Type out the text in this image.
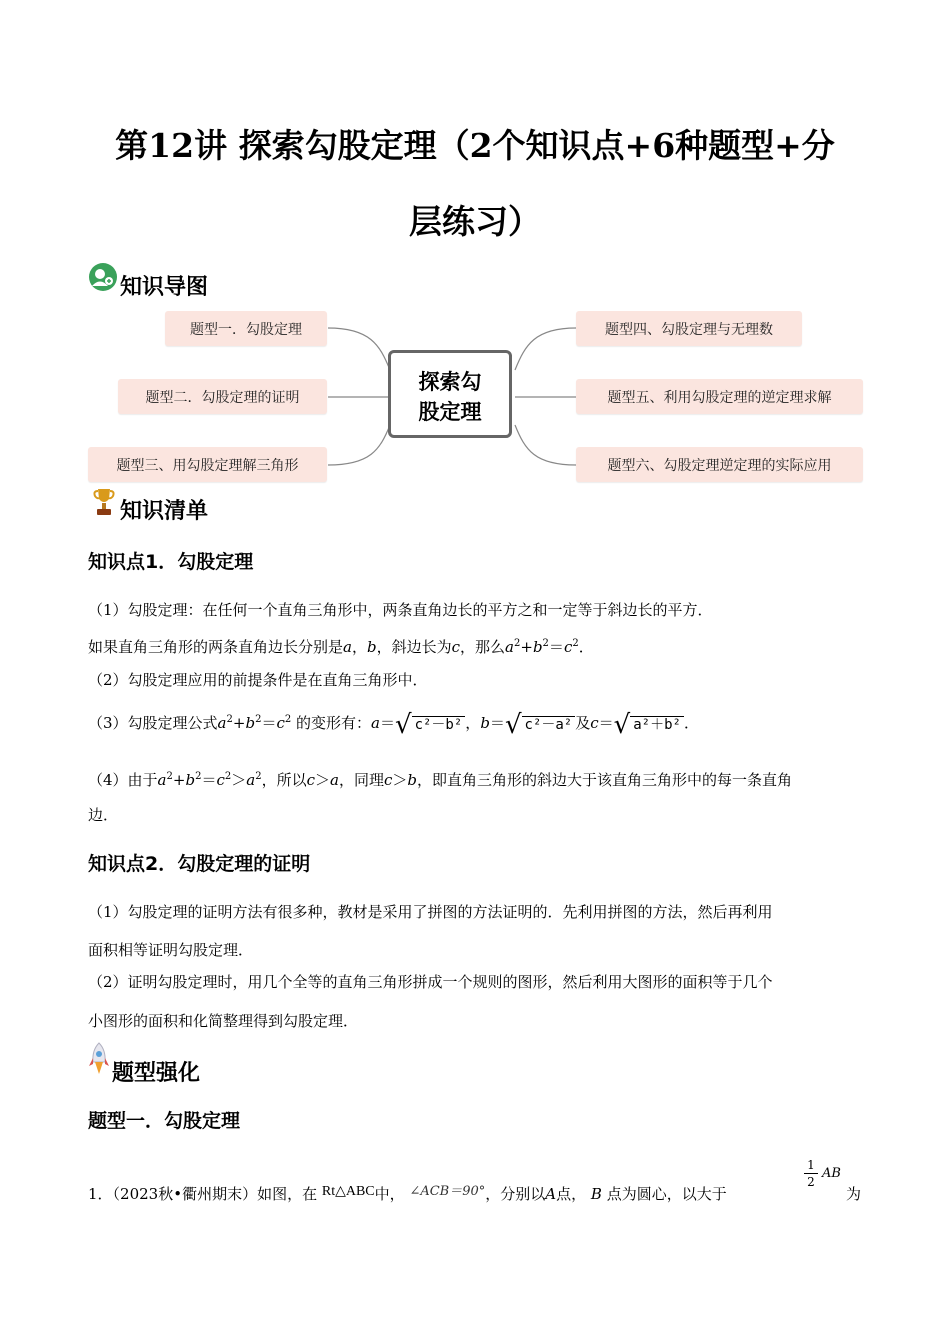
第12讲 探索勾股定理（2个知识点+6种题型+分
层练习）
知识导图
探索勾
股定理
题型一．勾股定理
题型二．勾股定理的证明
题型三、用勾股定理解三角形
题型四、勾股定理与无理数
题型五、利用勾股定理的逆定理求解
题型六、勾股定理逆定理的实际应用
知识清单
知识点1．勾股定理
（1）勾股定理：在任何一个直角三角形中，两条直角边长的平方之和一定等于斜边长的平方．
如果直角三角形的两条直角边长分别是a，b，斜边长为c，那么$a^2+b^2=c^2$．
（2）勾股定理应用的前提条件是在直角三角形中．
（3）勾股定理公式$a^2+b^2=c^2$ 的变形有：a＝√ c²－b² ，b＝√ c²－a² 及c＝√ a²＋b² ．
（4）由于$a^2+b^2=c^2>a^2$，所以c＞a，同理c＞b，即直角三角形的斜边大于该直角三角形中的每一条直角
边．
知识点2．勾股定理的证明
（1）勾股定理的证明方法有很多种，教材是采用了拼图的方法证明的．先利用拼图的方法，然后再利用
面积相等证明勾股定理．
（2）证明勾股定理时，用几个全等的直角三角形拼成一个规则的图形，然后利用大图形的面积等于几个
小图形的面积和化简整理得到勾股定理．
题型强化
题型一．勾股定理
1．（2023秋•衢州期末）如图，在 Rt△ABC中， ∠ACB＝90°，分别以A点， B 点为圆心，以大于
$\frac{1}{2}$ AB
为
